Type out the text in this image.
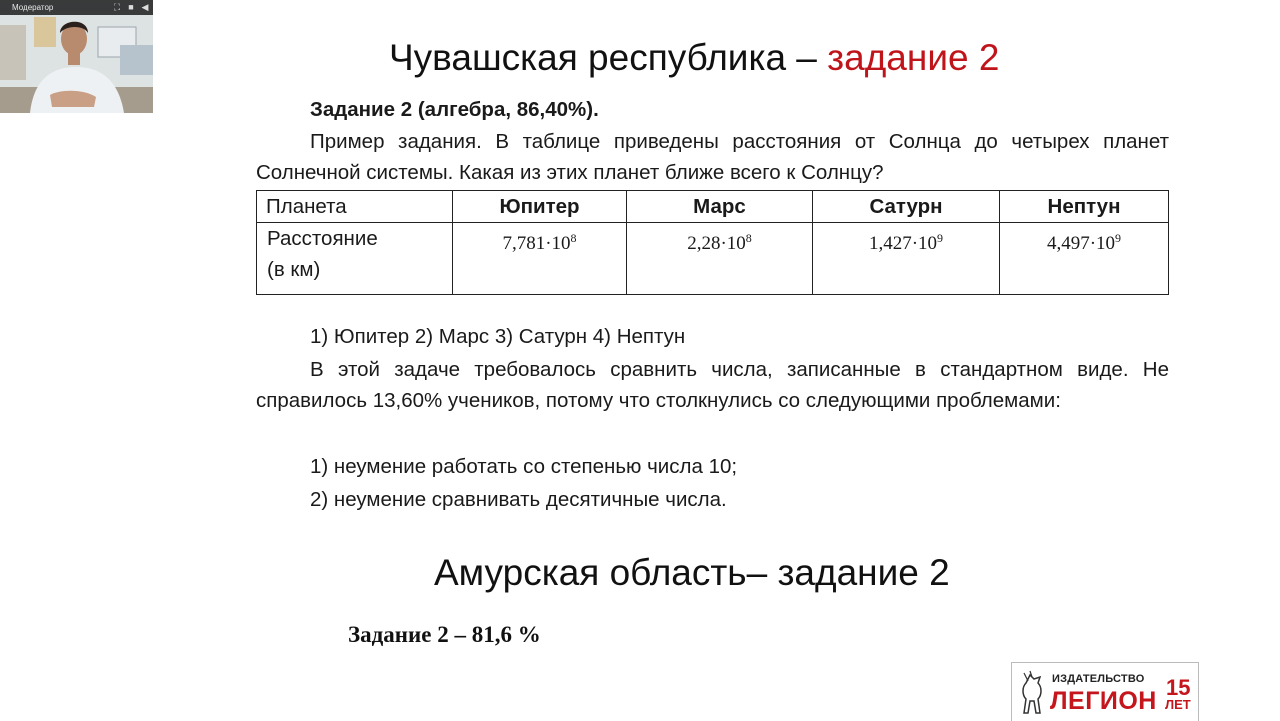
Модератор	⛶ ■ ◀
Чувашская республика – задание 2
Задание 2 (алгебра, 86,40%).
Пример задания. В таблице приведены расстояния от Солнца до четырех планет Солнечной системы. Какая из этих планет ближе всего к Солнцу?
Планета	Юпитер	Марс	Сатурн	Нептун
Расстояние
(в км)	$7,781\cdot 10^8$	$2,28\cdot 10^8$	$1,427\cdot 10^9$	$4,497\cdot 10^9$
1) Юпитер 2) Марс 3) Сатурн 4) Нептун
В этой задаче требовалось сравнить числа, записанные в стандартном виде. Не справилось 13,60% учеников, потому что столкнулись со следующими проблемами:
1) неумение работать со степенью числа 10;
2) неумение сравнивать десятичные числа.
Амурская область– задание 2
Задание 2 – 81,6 %
ИЗДАТЕЛЬСТВО
ЛЕГИОН 15
ЛЕТ
